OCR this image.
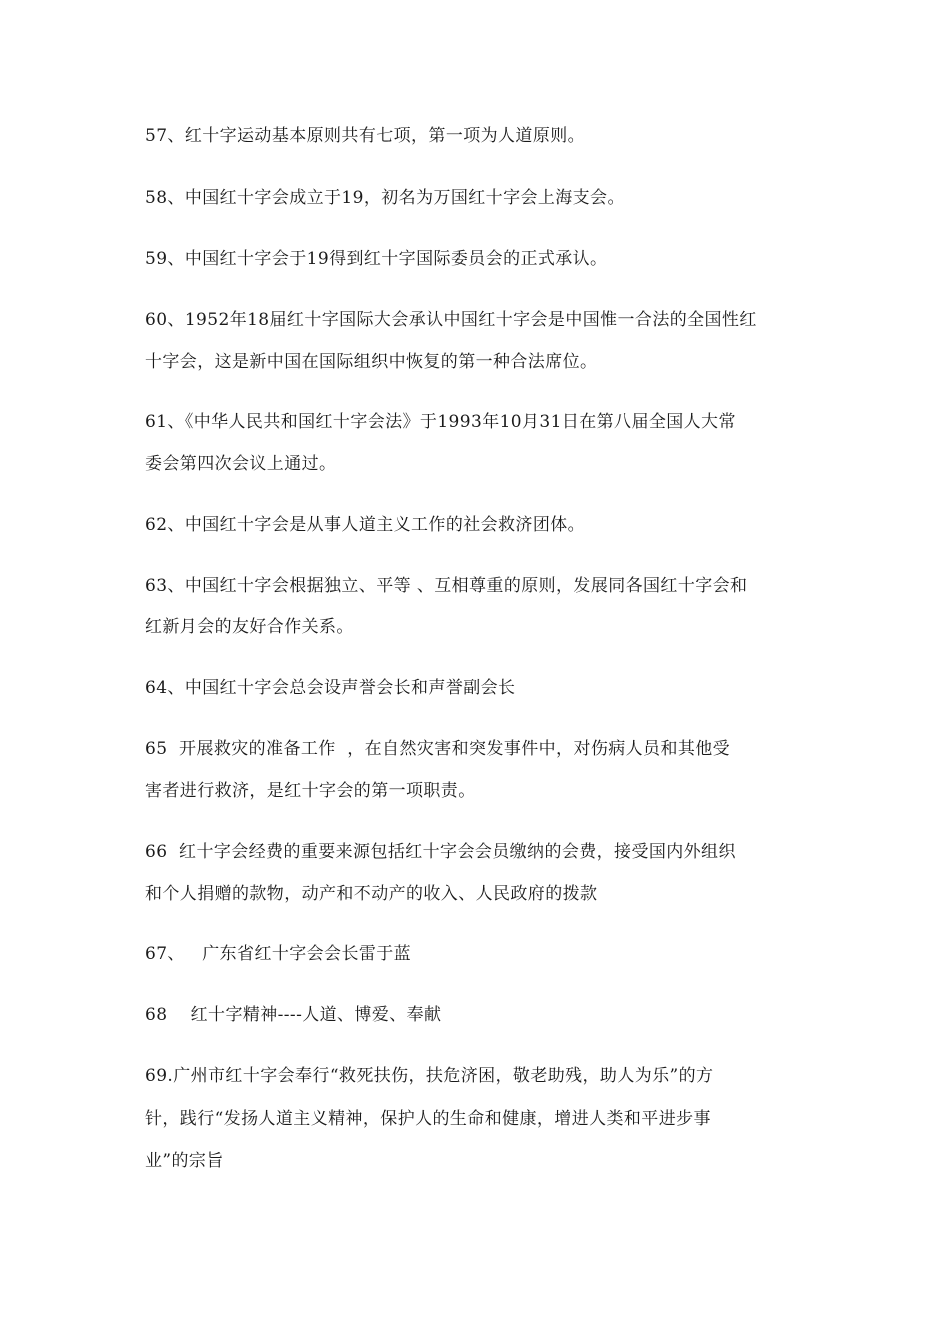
57、红十字运动基本原则共有七项，第一项为人道原则。
58、中国红十字会成立于19，初名为万国红十字会上海支会。
59、中国红十字会于19得到红十字国际委员会的正式承认。
60、1952年18届红十字国际大会承认中国红十字会是中国惟一合法的全国性红
十字会，这是新中国在国际组织中恢复的第一种合法席位。
61、《中华人民共和国红十字会法》于1993年10月31日在第八届全国人大常
委会第四次会议上通过。
62、中国红十字会是从事人道主义工作的社会救济团体。
63、中国红十字会根据独立、平等 、互相尊重的原则，发展同各国红十字会和
红新月会的友好合作关系。
64、中国红十字会总会设声誉会长和声誉副会长
65  开展救灾的准备工作  ，在自然灾害和突发事件中，对伤病人员和其他受
害者进行救济，是红十字会的第一项职责。
66  红十字会经费的重要来源包括红十字会会员缴纳的会费，接受国内外组织
和个人捐赠的款物，动产和不动产的收入、人民政府的拨款
67、   广东省红十字会会长雷于蓝
68    红十字精神----人道、博爱、奉献
69.广州市红十字会奉行“救死扶伤，扶危济困，敬老助残，助人为乐”的方
针，践行“发扬人道主义精神，保护人的生命和健康，增进人类和平进步事
业”的宗旨
